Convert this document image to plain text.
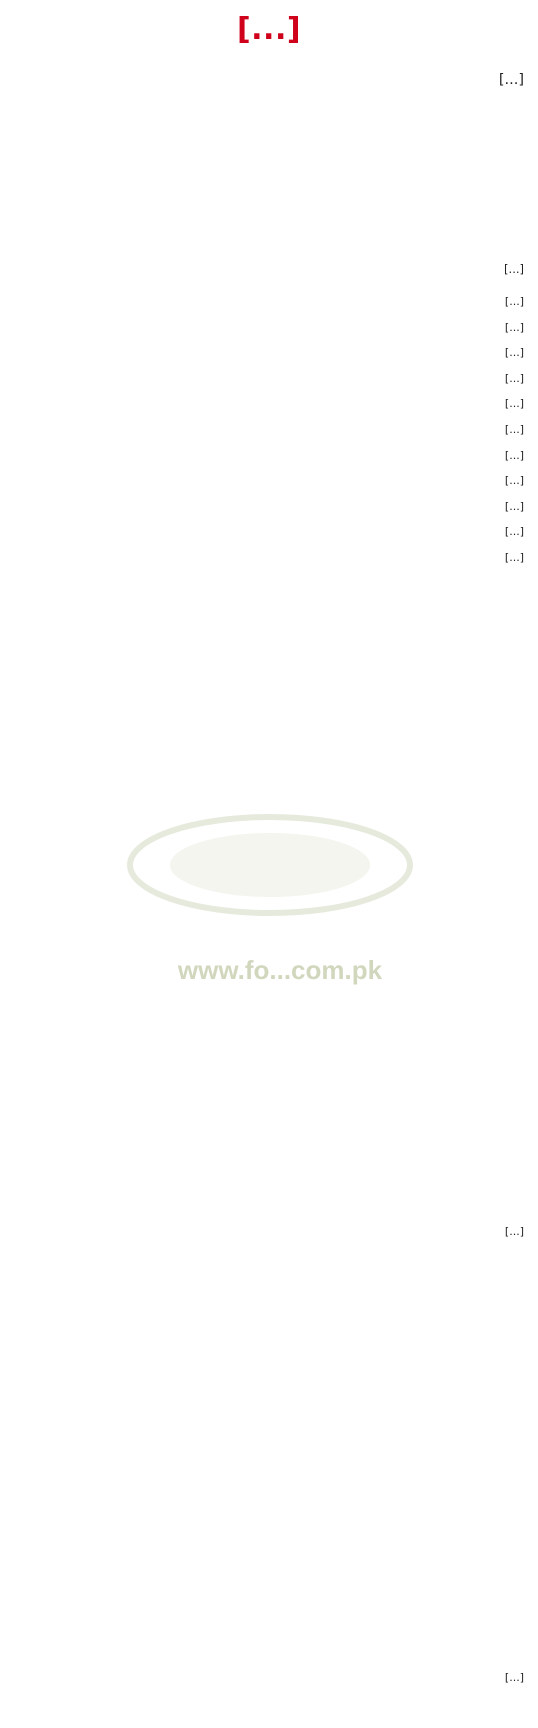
[...]
[...]
[...]

[...]

[...]

[...]

[...]

[...]

[...]

[...]

[...]

[...]

[...]

[...]

[...]
[...]
www.fo...com.pk
